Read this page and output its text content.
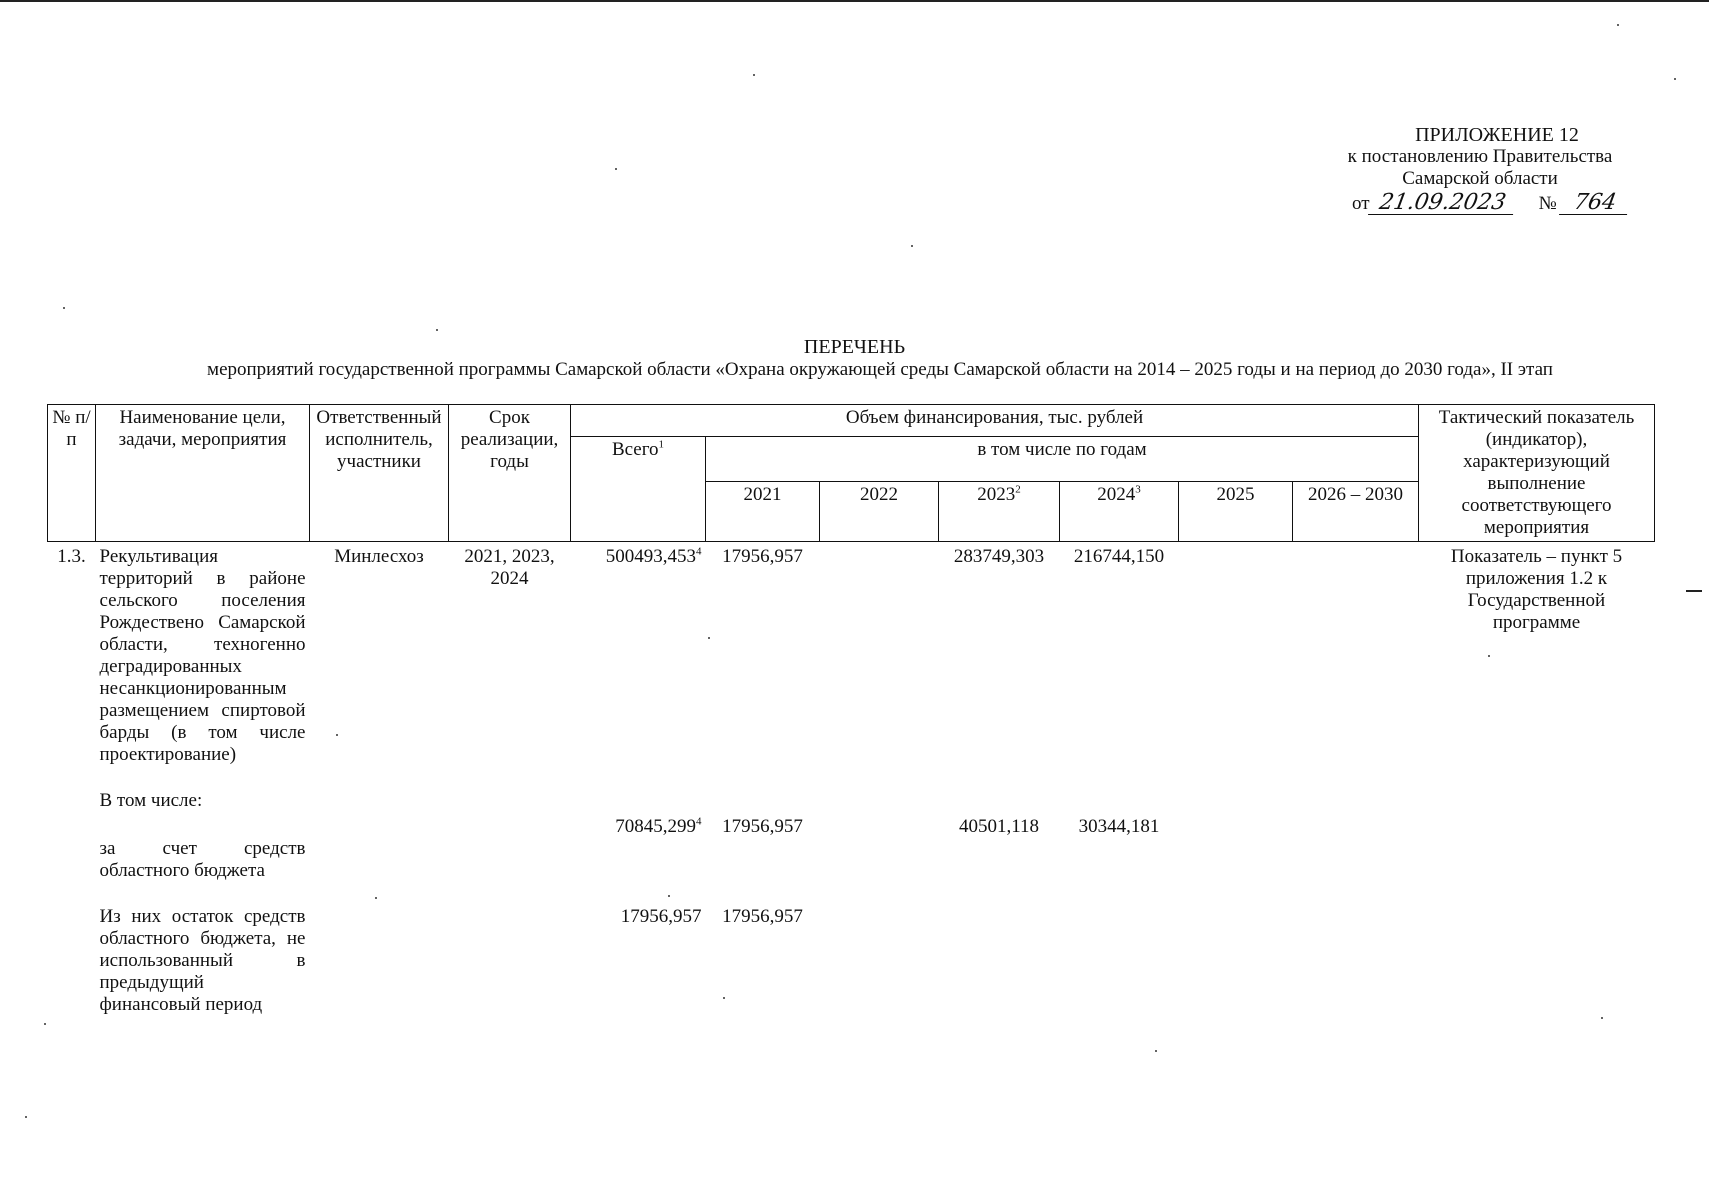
ПРИЛОЖЕНИЕ 12
к постановлению Правительства
Самарской области
от 21.09.2023 № 764
ПЕРЕЧЕНЬ
мероприятий государственной программы Самарской области «Охрана окружающей среды Самарской области на 2014 – 2025 годы и на период до 2030 года», II этап
№ п/п	Наименование цели, задачи, мероприятия	Ответственный исполнитель, участники	Срок реализации, годы	Объем финансирования, тыс. рублей							Тактический показатель (индикатор), характеризующий выполнение соответствующего мероприятия
				Всего$^1$	в том числе по годам						
					2021	2022	2023$^2$	2024$^3$	2025	2026 – 2030	
1.3.	Рекультивация территорий в районе сельского поселения Рождествено Самарской области, техногенно деградированных несанкционированным размещением спиртовой барды (в том числе проектирование)	Минлесхоз	2021, 2023, 2024	500493,453$^4$	17956,957		283749,303	216744,150			Показатель – пункт 5 приложения 1.2 к Государственной программе

	В том числе:										
	за счет средств областного бюджета			70845,299$^4$	17956,957		40501,118	30344,181			

	Из них остаток средств областного бюджета, не использованный в предыдущий финансовый период			17956,957	17956,957						
